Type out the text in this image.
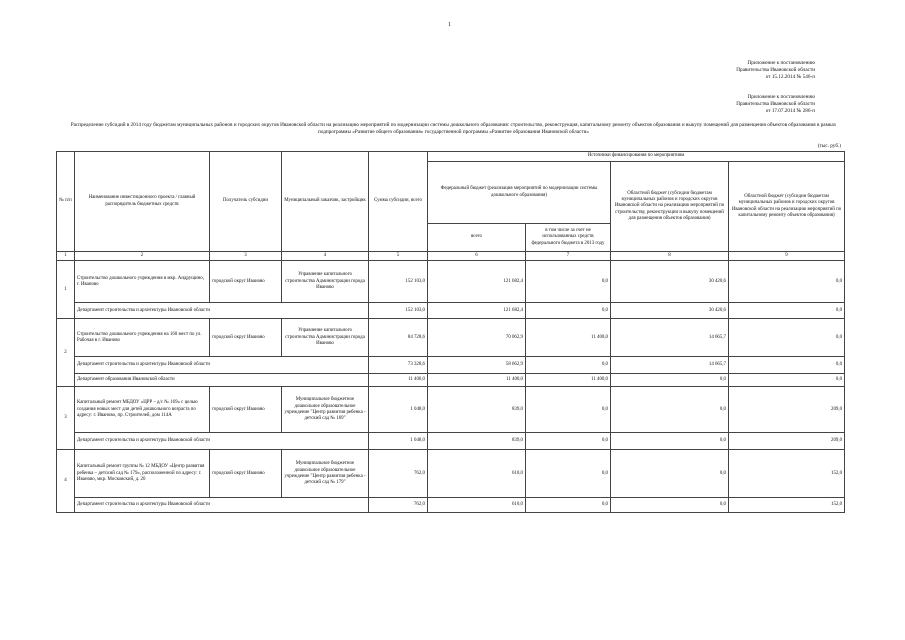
1
Приложение к постановлению
Правительства Ивановской области
от 15.12.2014 № 546-п
Приложение к постановлению
Правительства Ивановской области
от 17.07.2014 № 286-п
Распределение субсидий в 2014 году бюджетам муниципальных районов и городских округов Ивановской области на реализацию мероприятий по модернизации системы дошкольного образования: строительство, реконструкция, капитальному ремонту объектов образования и выкупу помещений для размещения объектов образования в рамках подпрограммы «Развитие общего образования» государственной программы «Развитие образования Ивановской области»
(тыс. руб.)
№ п/п	Наименование инвестиционного проекта / главный распорядитель бюджетных средств	Получатель субсидии	Муниципальный заказчик, застройщик	Сумма субсидии, всего	Источники финансирования по мероприятиям			
					Федеральный бюджет (реализация мероприятий по модернизации системы дошкольного образования)		Областной бюджет (субсидии бюджетам муниципальных районов и городских округов Ивановской области на реализацию мероприятий по строительству, реконструкции и выкупу помещений для размещения объектов образования)	Областной бюджет (субсидии бюджетам муниципальных районов и городских округов Ивановской области на реализацию мероприятий по капитальному ремонту объектов образования)
					всего	в том числе за счет не использованных средств федерального бюджета в 2013 году		
1	2	3	4	5	6	7	8	9
1	Строительство дошкольного учреждения в мкр. Андрущино, г. Иваново	городской округ Иваново	Управление капитального строительства Администрации города Иваново	152 103,0	121 682,4	0,0	30 420,6	0,0
	Департамент строительства и архитектуры Ивановской области			152 103,0	121 682,4	0,0	30 420,6	0,0
2	Строительство дошкольного учреждения на 160 мест по ул. Рабочая в г. Иваново	городской округ Иваново	Управление капитального строительства Администрации города Иваново	84 728,6	70 062,9	11 400,0	14 665,7	0,0
	Департамент строительства и архитектуры Ивановской области			73 328,6	58 662,9	0,0	14 665,7	0,0
	Департамент образования Ивановской области			11 400,0	11 400,0	11 400,0	0,0	0,0
3	Капитальный ремонт МБДОУ «ЦРР – д/с № 169» с целью создания новых мест для детей дошкольного возраста по адресу: г. Иваново, пр. Строителей, дом 114А	городской округ Иваново	Муниципальное бюджетное дошкольное образовательное учреждение "Центр развития ребенка - детский сад № 169"	1 048,0	839,0	0,0	0,0	209,0
	Департамент строительства и архитектуры Ивановской области			1 048,0	839,0	0,0	0,0	209,0
4	Капитальный ремонт группы № 12 МБДОУ «Центр развития ребенка – детский сад № 179», расположенной по адресу: г. Иваново, мкр. Московский, д. 20	городской округ Иваново	Муниципальное бюджетное дошкольное образовательное учреждение "Центр развития ребенка - детский сад № 179"	762,0	610,0	0,0	0,0	152,0
	Департамент строительства и архитектуры Ивановской области			762,0	610,0	0,0	0,0	152,0
